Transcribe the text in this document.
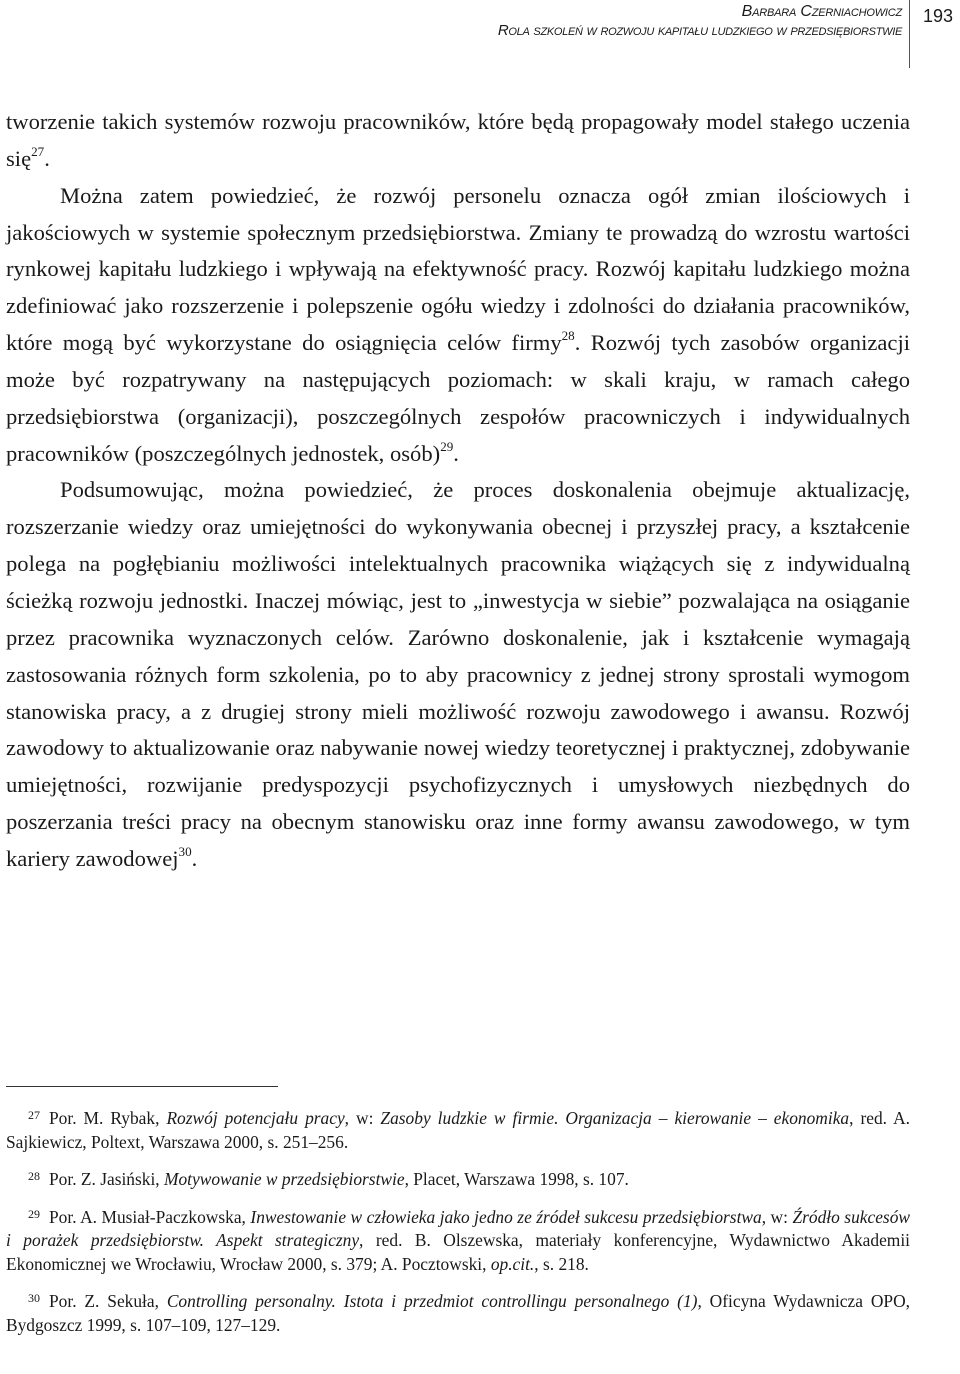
Barbara Czerniachowicz
Rola szkoleń w rozwoju kapitału ludzkiego w przedsiębiorstwie
193

tworzenie takich systemów rozwoju pracowników, które będą propagowały model stałego uczenia się$^{27}$.

Można zatem powiedzieć, że rozwój personelu oznacza ogół zmian ilościowych i jakościowych w systemie społecznym przedsiębiorstwa. Zmiany te prowadzą do wzrostu wartości rynkowej kapitału ludzkiego i wpływają na efektywność pracy. Rozwój kapitału ludzkiego można zdefiniować jako rozszerzenie i polepszenie ogółu wiedzy i zdolności do działania pracowników, które mogą być wykorzystane do osiągnięcia celów firmy$^{28}$. Rozwój tych zasobów organizacji może być rozpatrywany na następujących poziomach: w skali kraju, w ramach całego przedsiębiorstwa (organizacji), poszczególnych zespołów pracowniczych i indywidualnych pracowników (poszczególnych jednostek, osób)$^{29}$.

Podsumowując, można powiedzieć, że proces doskonalenia obejmuje aktualizację, rozszerzanie wiedzy oraz umiejętności do wykonywania obecnej i przyszłej pracy, a kształcenie polega na pogłębianiu możliwości intelektualnych pracownika wiążących się z indywidualną ścieżką rozwoju jednostki. Inaczej mówiąc, jest to „inwestycja w siebie” pozwalająca na osiąganie przez pracownika wyznaczonych celów. Zarówno doskonalenie, jak i kształcenie wymagają zastosowania różnych form szkolenia, po to aby pracownicy z jednej strony sprostali wymogom stanowiska pracy, a z drugiej strony mieli możliwość rozwoju zawodowego i awansu. Rozwój zawodowy to aktualizowanie oraz nabywanie nowej wiedzy teoretycznej i praktycznej, zdobywanie umiejętności, rozwijanie predyspozycji psychofizycznych i umysłowych niezbędnych do poszerzania treści pracy na obecnym stanowisku oraz inne formy awansu zawodowego, w tym kariery zawodowej$^{30}$.

$^{27}$ Por. M. Rybak, Rozwój potencjału pracy, w: Zasoby ludzkie w firmie. Organizacja – kierowanie – ekonomika, red. A. Sajkiewicz, Poltext, Warszawa 2000, s. 251–256.

$^{28}$ Por. Z. Jasiński, Motywowanie w przedsiębiorstwie, Placet, Warszawa 1998, s. 107.

$^{29}$ Por. A. Musiał-Paczkowska, Inwestowanie w człowieka jako jedno ze źródeł sukcesu przedsiębiorstwa, w: Źródło sukcesów i porażek przedsiębiorstw. Aspekt strategiczny, red. B. Olszewska, materiały konferencyjne, Wydawnictwo Akademii Ekonomicznej we Wrocławiu, Wrocław 2000, s. 379; A. Pocztowski, op.cit., s. 218.

$^{30}$ Por. Z. Sekuła, Controlling personalny. Istota i przedmiot controllingu personalnego (1), Oficyna Wydawnicza OPO, Bydgoszcz 1999, s. 107–109, 127–129.
